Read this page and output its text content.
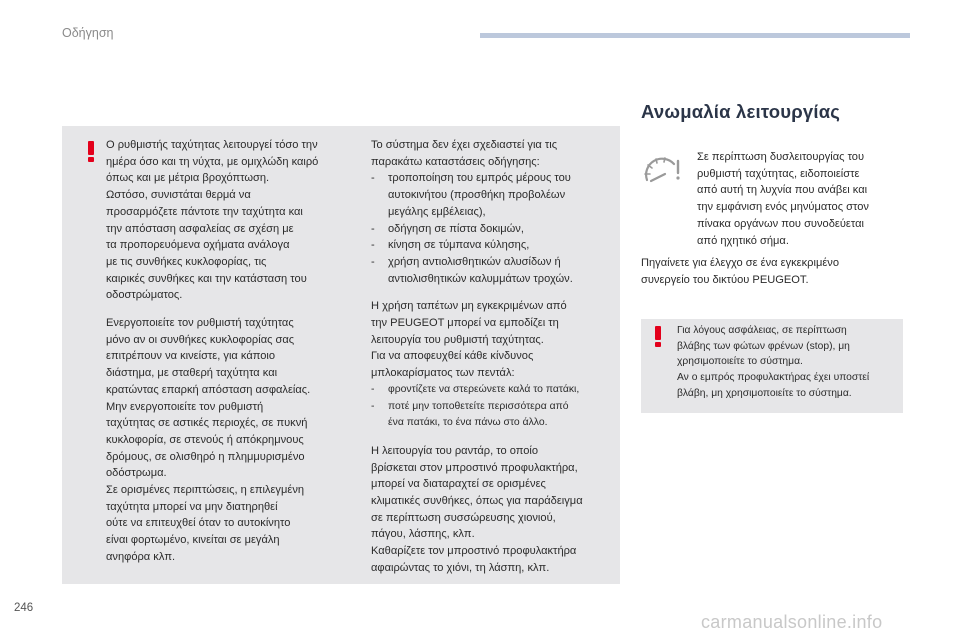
Οδήγηση

Ο ρυθμιστής ταχύτητας λειτουργεί τόσο την
ημέρα όσο και τη νύχτα, με ομιχλώδη καιρό
όπως και με μέτρια βροχόπτωση.
Ωστόσο, συνιστάται θερμά να
προσαρμόζετε πάντοτε την ταχύτητα και
την απόσταση ασφαλείας σε σχέση με
τα προπορευόμενα οχήματα ανάλογα
με τις συνθήκες κυκλοφορίας, τις
καιρικές συνθήκες και την κατάσταση του
οδοστρώματος.

Ενεργοποιείτε τον ρυθμιστή ταχύτητας
μόνο αν οι συνθήκες κυκλοφορίας σας
επιτρέπουν να κινείστε, για κάποιο
διάστημα, με σταθερή ταχύτητα και
κρατώντας επαρκή απόσταση ασφαλείας.
Μην ενεργοποιείτε τον ρυθμιστή
ταχύτητας σε αστικές περιοχές, σε πυκνή
κυκλοφορία, σε στενούς ή απόκρημνους
δρόμους, σε ολισθηρό η πλημμυρισμένο
οδόστρωμα.
Σε ορισμένες περιπτώσεις, η επιλεγμένη
ταχύτητα μπορεί να μην διατηρηθεί
ούτε να επιτευχθεί όταν το αυτοκίνητο
είναι φορτωμένο, κινείται σε μεγάλη
ανηφόρα κλπ.

Το σύστημα δεν έχει σχεδιαστεί για τις
παρακάτω καταστάσεις οδήγησης:

- τροποποίηση του εμπρός μέρους του
αυτοκινήτου (προσθήκη προβολέων
μεγάλης εμβέλειας),
- οδήγηση σε πίστα δοκιμών,
- κίνηση σε τύμπανα κύλησης,
- χρήση αντιολισθητικών αλυσίδων ή
αντιολισθητικών καλυμμάτων τροχών.

Η χρήση ταπέτων μη εγκεκριμένων από
την PEUGEOT μπορεί να εμποδίζει τη
λειτουργία του ρυθμιστή ταχύτητας.
Για να αποφευχθεί κάθε κίνδυνος
μπλοκαρίσματος των πεντάλ:

- φροντίζετε να στερεώνετε καλά το πατάκι,
- ποτέ μην τοποθετείτε περισσότερα από
ένα πατάκι, το ένα πάνω στο άλλο.

Η λειτουργία του ραντάρ, το οποίο
βρίσκεται στον μπροστινό προφυλακτήρα,
μπορεί να διαταραχτεί σε ορισμένες
κλιματικές συνθήκες, όπως για παράδειγμα
σε περίπτωση συσσώρευσης χιονιού,
πάγου, λάσπης, κλπ.
Καθαρίζετε τον μπροστινό προφυλακτήρα
αφαιρώντας το χιόνι, τη λάσπη, κλπ.

Ανωμαλία λειτουργίας
Σε περίπτωση δυσλειτουργίας του
ρυθμιστή ταχύτητας, ειδοποιείστε
από αυτή τη λυχνία που ανάβει και
την εμφάνιση ενός μηνύματος στον
πίνακα οργάνων που συνοδεύεται
από ηχητικό σήμα.
Πηγαίνετε για έλεγχο σε ένα εγκεκριμένο
συνεργείο του δικτύου PEUGEOT.
Για λόγους ασφάλειας, σε περίπτωση
βλάβης των φώτων φρένων (stop), μη
χρησιμοποιείτε το σύστημα.
Αν ο εμπρός προφυλακτήρας έχει υποστεί
βλάβη, μη χρησιμοποιείτε το σύστημα.
246
carmanualsonline.info
